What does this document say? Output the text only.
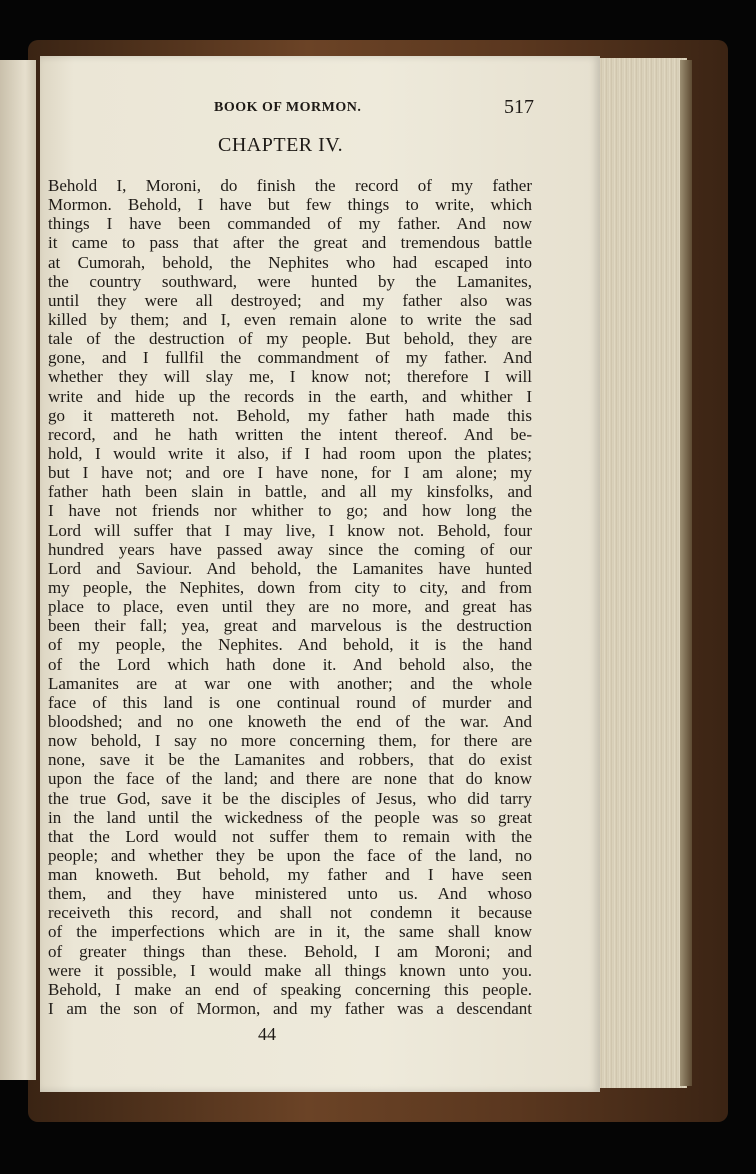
BOOK OF MORMON.	517
CHAPTER IV.
Behold I, Moroni, do finish the record of my father
Mormon. Behold, I have but few things to write, which
things I have been commanded of my father. And now
it came to pass that after the great and tremendous battle
at Cumorah, behold, the Nephites who had escaped into
the country southward, were hunted by the Lamanites,
until they were all destroyed; and my father also was
killed by them; and I, even remain alone to write the sad
tale of the destruction of my people. But behold, they are
gone, and I fullfil the commandment of my father. And
whether they will slay me, I know not; therefore I will
write and hide up the records in the earth, and whither I
go it mattereth not. Behold, my father hath made this
record, and he hath written the intent thereof. And be-
hold, I would write it also, if I had room upon the plates;
but I have not; and ore I have none, for I am alone; my
father hath been slain in battle, and all my kinsfolks, and
I have not friends nor whither to go; and how long the
Lord will suffer that I may live, I know not. Behold, four
hundred years have passed away since the coming of our
Lord and Saviour. And behold, the Lamanites have hunted
my people, the Nephites, down from city to city, and from
place to place, even until they are no more, and great has
been their fall; yea, great and marvelous is the destruction
of my people, the Nephites. And behold, it is the hand
of the Lord which hath done it. And behold also, the
Lamanites are at war one with another; and the whole
face of this land is one continual round of murder and
bloodshed; and no one knoweth the end of the war. And
now behold, I say no more concerning them, for there are
none, save it be the Lamanites and robbers, that do exist
upon the face of the land; and there are none that do know
the true God, save it be the disciples of Jesus, who did tarry
in the land until the wickedness of the people was so great
that the Lord would not suffer them to remain with the
people; and whether they be upon the face of the land, no
man knoweth. But behold, my father and I have seen
them, and they have ministered unto us. And whoso
receiveth this record, and shall not condemn it because
of the imperfections which are in it, the same shall know
of greater things than these. Behold, I am Moroni; and
were it possible, I would make all things known unto you.
Behold, I make an end of speaking concerning this people.
I am the son of Mormon, and my father was a descendant
44
